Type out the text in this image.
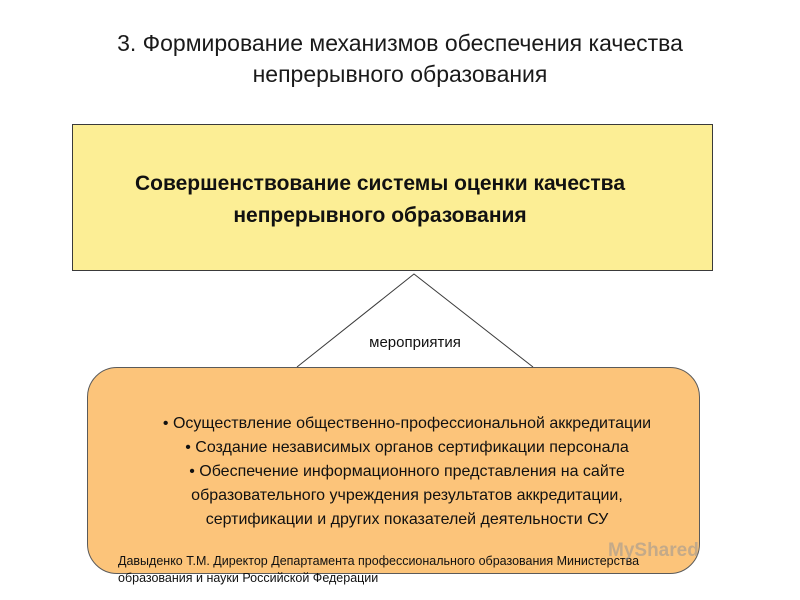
3. Формирование механизмов обеспечения качества
непрерывного образования
Совершенствование системы оценки качества
непрерывного образования
мероприятия
• Осуществление общественно-профессиональной аккредитации
• Создание независимых органов сертификации персонала
• Обеспечение информационного представления на сайте
образовательного учреждения результатов аккредитации,
сертификации и других показателей деятельности СУ
Давыденко Т.М. Директор Департамента профессионального образования Министерства
образования и науки Российской Федерации
MyShared
